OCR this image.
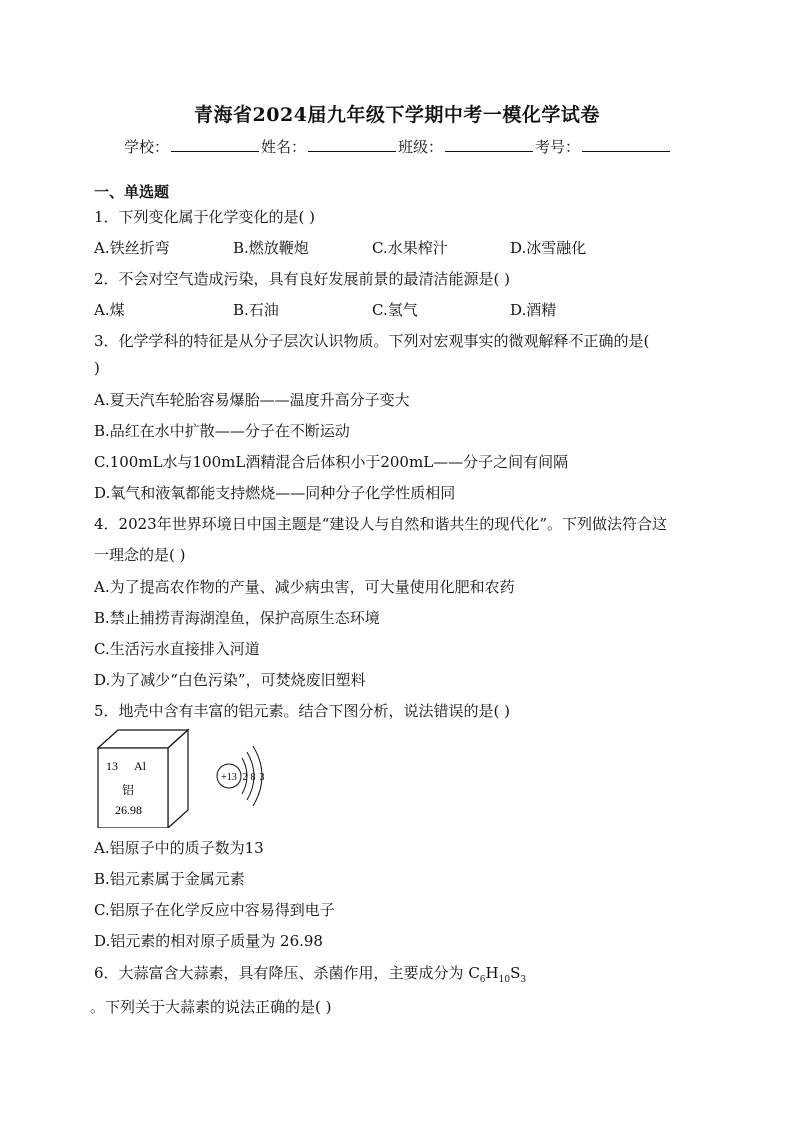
青海省2024届九年级下学期中考一模化学试卷
学校：	姓名：	班级：	考号：
一、单选题
1．下列变化属于化学变化的是( )
A.铁丝折弯	B.燃放鞭炮	C.水果榨汁	D.冰雪融化
2．不会对空气造成污染，具有良好发展前景的最清洁能源是( )
A.煤	B.石油	C.氢气	D.酒精
3．化学学科的特征是从分子层次认识物质。下列对宏观事实的微观解释不正确的是(
)
A.夏天汽车轮胎容易爆胎——温度升高分子变大
B.品红在水中扩散——分子在不断运动
C.100mL水与100mL酒精混合后体积小于200mL——分子之间有间隔
D.氧气和液氧都能支持燃烧——同种分子化学性质相同
4．2023年世界环境日中国主题是“建设人与自然和谐共生的现代化”。下列做法符合这
一理念的是( )
A.为了提高农作物的产量、减少病虫害，可大量使用化肥和农药
B.禁止捕捞青海湖湟鱼，保护高原生态环境
C.生活污水直接排入河道
D.为了减少“白色污染”，可焚烧废旧塑料
5．地壳中含有丰富的铝元素。结合下图分析，说法错误的是( )
13 Al
铝
26.98
+13 2 8 3
A.铝原子中的质子数为13
B.铝元素属于金属元素
C.铝原子在化学反应中容易得到电子
D.铝元素的相对原子质量为 26.98
6．大蒜富含大蒜素，具有降压、杀菌作用，主要成分为 $C_6H_{10}S_3$
。下列关于大蒜素的说法正确的是( )
